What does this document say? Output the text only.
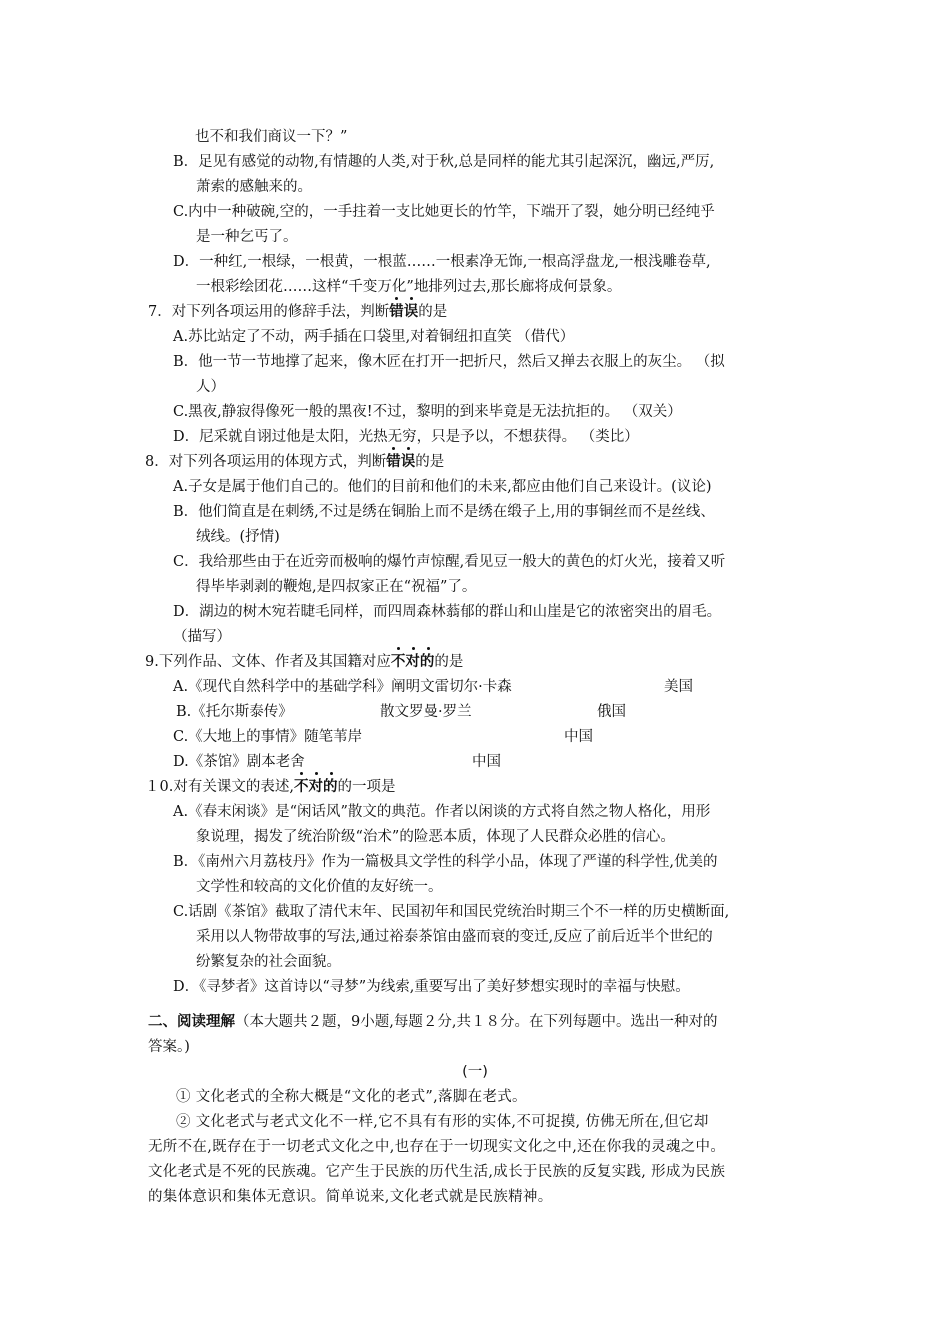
也不和我们商议一下？”
B．足见有感觉的动物,有情趣的人类,对于秋,总是同样的能尤其引起深沉，幽远,严厉,
萧索的感触来的。
C.内中一种破碗,空的，一手拄着一支比她更长的竹竿，下端开了裂，她分明已经纯乎
是一种乞丐了。
D．一种红,一根绿，一根黄，一根蓝……一根素净无饰,一根高浮盘龙,一根浅雕卷草,
一根彩绘团花……这样“千变万化”地排列过去,那长廊将成何景象。
A.苏比站定了不动，两手插在口袋里,对着铜纽扣直笑 （借代）
B．他一节一节地撑了起来，像木匠在打开一把折尺，然后又掸去衣服上的灰尘。 （拟
人）
C.黑夜,静寂得像死一般的黑夜!不过，黎明的到来毕竟是无法抗拒的。 （双关）
D．尼采就自诩过他是太阳，光热无穷，只是予以，不想获得。 （类比）
A.子女是属于他们自己的。他们的目前和他们的未来,都应由他们自己来设计。(议论)
B．他们简直是在刺绣,不过是绣在铜胎上而不是绣在缎子上,用的事铜丝而不是丝线、
绒线。(抒情)
C．我给那些由于在近旁而极响的爆竹声惊醒,看见豆一般大的黄色的灯火光，接着又听
得毕毕剥剥的鞭炮,是四叔家正在“祝福”了。
D．湖边的树木宛若睫毛同样，而四周森林蓊郁的群山和山崖是它的浓密突出的眉毛。
（描写）
A.《现代自然科学中的基础学科》阐明文雷切尔·卡森	美国
B.《托尔斯泰传》	散文罗曼·罗兰	俄国
C.《大地上的事情》随笔苇岸	中国
D.《茶馆》剧本老舍	中国
A.《春末闲谈》是“闲话风”散文的典范。作者以闲谈的方式将自然之物人格化，用形
象说理，揭发了统治阶级“治术”的险恶本质，体现了人民群众必胜的信心。
B．《南州六月荔枝丹》作为一篇极具文学性的科学小品，体现了严谨的科学性,优美的
文学性和较高的文化价值的友好统一。
C.话剧《茶馆》截取了清代末年、民国初年和国民党统治时期三个不一样的历史横断面,
采用以人物带故事的写法,通过裕泰茶馆由盛而衰的变迁,反应了前后近半个世纪的
纷繁复杂的社会面貌。
D．《寻梦者》这首诗以“寻梦”为线索,重要写出了美好梦想实现时的幸福与快慰。
答案。)
7．对下列各项运用的修辞手法，判断错误
的是
8．对下列各项运用的体现方式，判断错误
的是
9.下列作品、文体、作者及其国籍对应不对的
的是
１0.对有关课文的表述,不对的
的一项是
二、阅读理解（本大题共２题，9小题,每题２分,共１８分。在下列每题中。选出一种对的
(一)
① 文化老式的全称大概是“文化的老式”,落脚在老式。
② 文化老式与老式文化不一样,它不具有有形的实体,不可捉摸, 仿佛无所在,但它却
无所不在,既存在于一切老式文化之中,也存在于一切现实文化之中,还在你我的灵魂之中。
文化老式是不死的民族魂。它产生于民族的历代生活,成长于民族的反复实践, 形成为民族
的集体意识和集体无意识。简单说来,文化老式就是民族精神。
